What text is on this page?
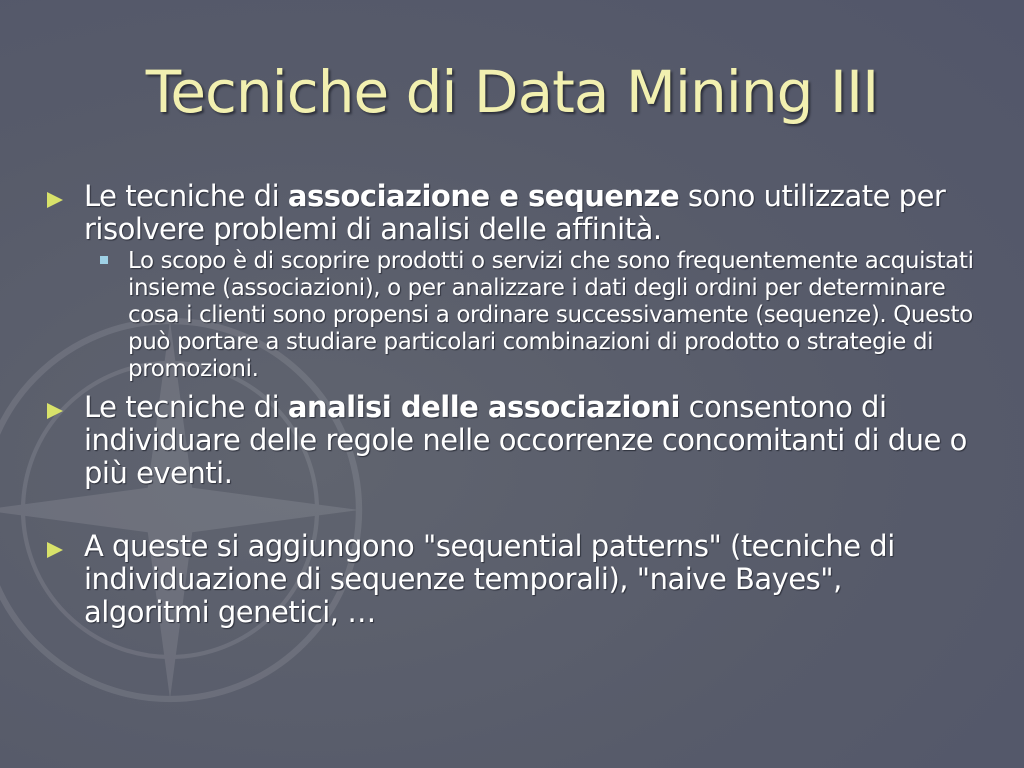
Tecniche di Data Mining III
Le tecniche di associazione e sequenze sono utilizzate per risolvere problemi di analisi delle affinità.
Lo scopo è di scoprire prodotti o servizi che sono frequentemente acquistati insieme (associazioni), o per analizzare i dati degli ordini per determinare cosa i clienti sono propensi a ordinare successivamente (sequenze). Questo può portare a studiare particolari combinazioni di prodotto o strategie di promozioni.
Le tecniche di analisi delle associazioni consentono di individuare delle regole nelle occorrenze concomitanti di due o più eventi.
A queste si aggiungono "sequential patterns" (tecniche di individuazione di sequenze temporali), "naive Bayes", algoritmi genetici, …
